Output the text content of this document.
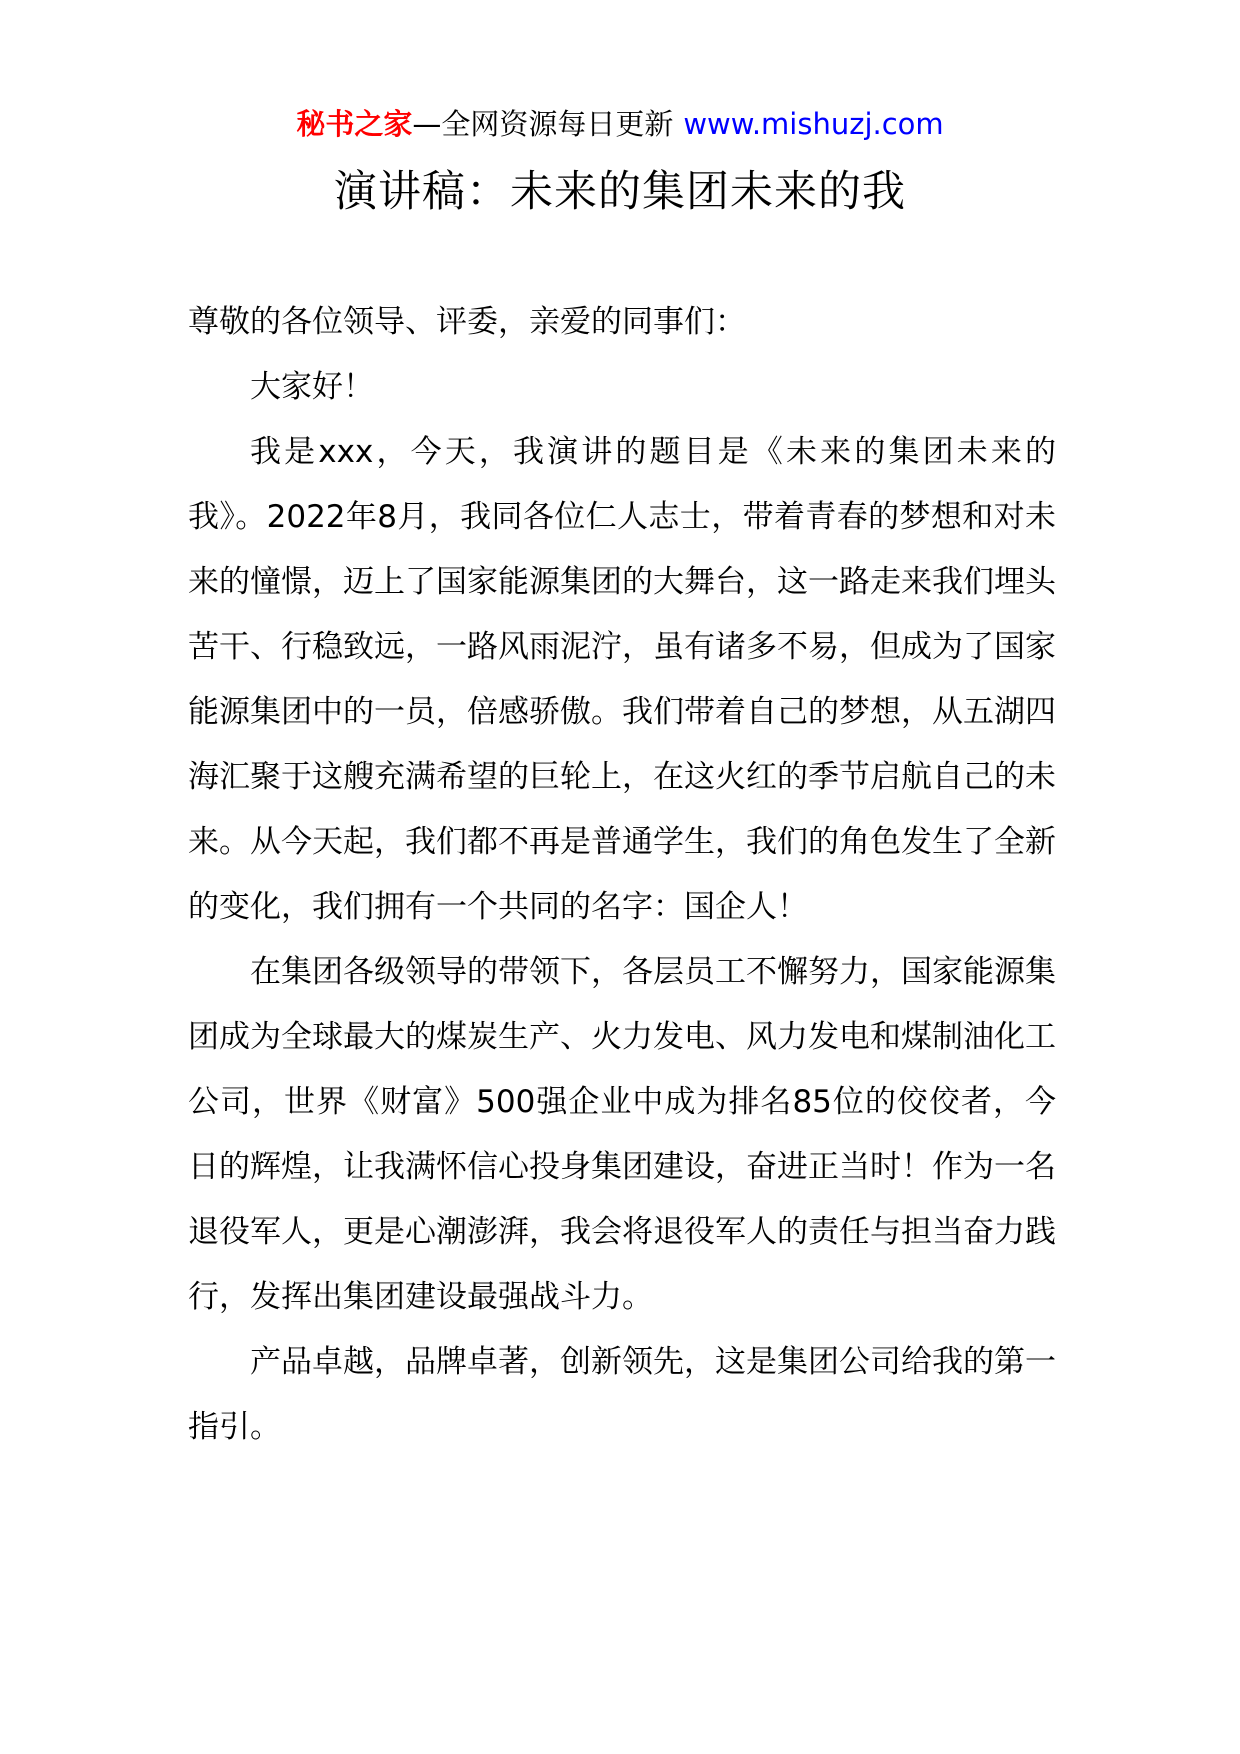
秘书之家—全网资源每日更新 www.mishuzj.com
演讲稿：未来的集团未来的我

尊敬的各位领导、评委，亲爱的同事们：

大家好！

我是xxx，今天，我演讲的题目是《未来的集团未来的我》。2022年8月，我同各位仁人志士，带着青春的梦想和对未来的憧憬，迈上了国家能源集团的大舞台，这一路走来我们埋头苦干、行稳致远，一路风雨泥泞，虽有诸多不易，但成为了国家能源集团中的一员，倍感骄傲。我们带着自己的梦想，从五湖四海汇聚于这艘充满希望的巨轮上，在这火红的季节启航自己的未来。从今天起，我们都不再是普通学生，我们的角色发生了全新的变化，我们拥有一个共同的名字：国企人！

在集团各级领导的带领下，各层员工不懈努力，国家能源集团成为全球最大的煤炭生产、火力发电、风力发电和煤制油化工公司，世界《财富》500强企业中成为排名85位的佼佼者，今日的辉煌，让我满怀信心投身集团建设，奋进正当时！作为一名退役军人，更是心潮澎湃，我会将退役军人的责任与担当奋力践行，发挥出集团建设最强战斗力。

产品卓越，品牌卓著，创新领先，这是集团公司给我的第一指引。
